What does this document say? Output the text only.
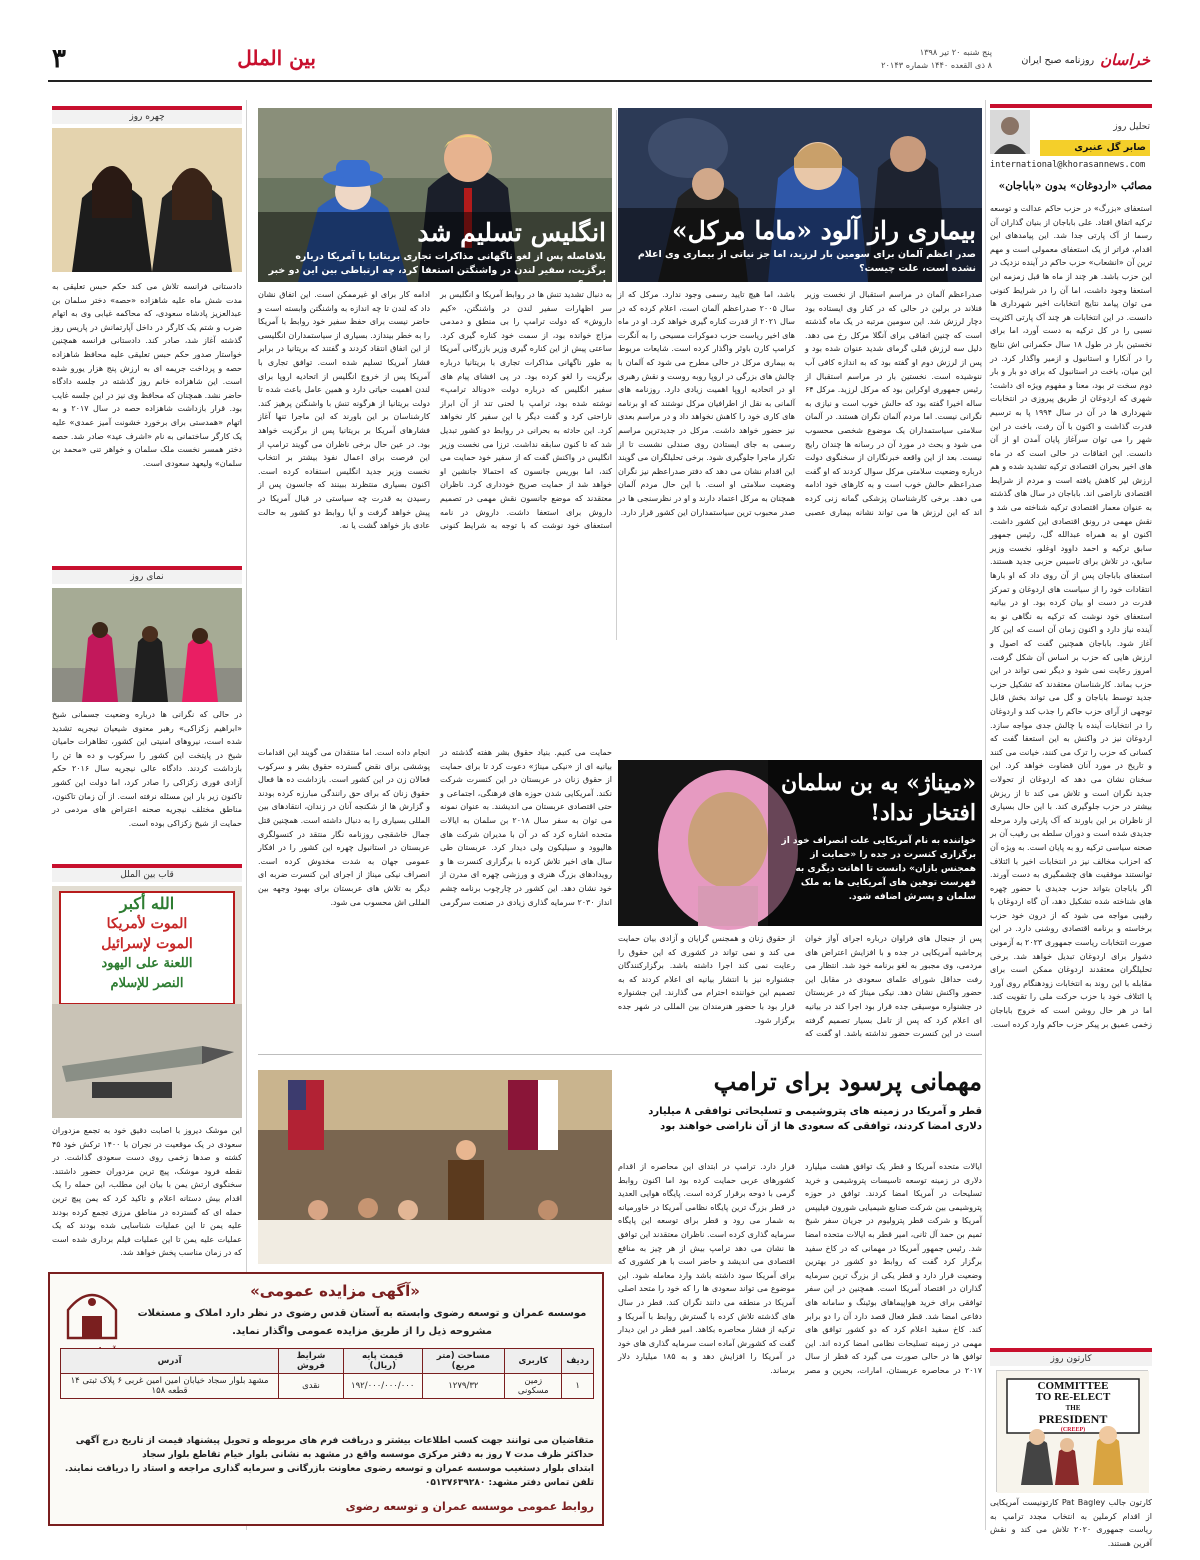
۳	بین الملل	پنج شنبه ۲۰ تیر ۱۳۹۸
۸ ذی القعده ۱۴۴۰ شماره ۲۰۱۴۳	خراسان
روزنامه صبح ایران
تحلیل روز
صابر گل عنبری
international@khorasannews.com
مصائب «اردوغان» بدون «باباجان»
استعفای «بزرگ» در حزب حاکم عدالت و توسعه ترکیه اتفاق افتاد. علی باباجان از بنیان گذاران آن رسما از آک پارتی جدا شد. این پیامدهای این اقدام، فراتر از یک استعفای معمولی است و مهم ترین آن «انشعاب» حزب حاکم در آینده نزدیک در این حزب باشد. هر چند از ماه ها قبل زمزمه این استعفا وجود داشت، اما آن را در شرایط کنونی می توان پیامد نتایج انتخابات اخیر شهرداری ها دانست. در این انتخابات هر چند آک پارتی اکثریت نسبی را در کل ترکیه به دست آورد، اما برای نخستین بار در طول ۱۸ سال حکمرانی اش نتایج را در آنکارا و استانبول و ازمیر واگذار کرد. در این میان، باخت در استانبول که برای دو بار و بار دوم سخت تر بود، معنا و مفهوم ویژه ای داشت؛ شهری که اردوغان از طریق پیروزی در انتخابات شهرداری ها در آن در سال ۱۹۹۴ پا به ترسیم قدرت گذاشت و اکنون با آن رفت، باخت در این شهر را می توان سرآغاز پایان آمدن او از آن دانست. این اتفاقات در حالی است که در ماه های اخیر بحران اقتصادی ترکیه تشدید شده و هم ارزش لیر کاهش یافته است و مردم از شرایط اقتصادی ناراضی اند. باباجان در سال های گذشته به عنوان معمار اقتصادی ترکیه شناخته می شد و نقش مهمی در رونق اقتصادی این کشور داشت. اکنون او به همراه عبدالله گل، رئیس جمهور سابق ترکیه و احمد داوود اوغلو، نخست وزیر سابق، در تلاش برای تاسیس حزبی جدید هستند. استعفای باباجان پس از آن روی داد که او بارها انتقادات خود را از سیاست های اردوغان و تمرکز قدرت در دست او بیان کرده بود. او در بیانیه استعفای خود نوشت که ترکیه به نگاهی نو به آینده نیاز دارد و اکنون زمان آن است که این کار آغاز شود. باباجان همچنین گفت که اصول و ارزش هایی که حزب بر اساس آن شکل گرفت، امروز رعایت نمی شود و دیگر نمی تواند در این حزب بماند. کارشناسان معتقدند که تشکیل حزب جدید توسط باباجان و گل می تواند بخش قابل توجهی از آرای حزب حاکم را جذب کند و اردوغان را در انتخابات آینده با چالش جدی مواجه سازد. اردوغان نیز در واکنش به این استعفا گفت که کسانی که حزب را ترک می کنند، خیانت می کنند و تاریخ در مورد آنان قضاوت خواهد کرد. این سخنان نشان می دهد که اردوغان از تحولات جدید نگران است و تلاش می کند تا از ریزش بیشتر در حزب جلوگیری کند. با این حال بسیاری از ناظران بر این باورند که آک پارتی وارد مرحله جدیدی شده است و دوران سلطه بی رقیب آن بر صحنه سیاسی ترکیه رو به پایان است. به ویژه آن که احزاب مخالف نیز در انتخابات اخیر با ائتلاف توانستند موفقیت های چشمگیری به دست آورند. اگر باباجان بتواند حزب جدیدی با حضور چهره های شناخته شده تشکیل دهد، آن گاه اردوغان با رقیبی مواجه می شود که از درون خود حزب برخاسته و برنامه اقتصادی روشنی دارد. در این صورت انتخابات ریاست جمهوری ۲۰۲۳ به آزمونی دشوار برای اردوغان تبدیل خواهد شد. برخی تحلیلگران معتقدند اردوغان ممکن است برای مقابله با این روند به انتخابات زودهنگام روی آورد یا ائتلاف خود با حزب حرکت ملی را تقویت کند. اما در هر حال روشن است که خروج باباجان زخمی عمیق بر پیکر حزب حاکم وارد کرده است.
کارتون روز
COMMITTEE
TO RE-ELECT
THE
PRESIDENT
(CREEP)
کارتون جالب Pat Bagley کارتونیست آمریکایی از اقدام کرملین به انتخاب مجدد ترامپ به ریاست جمهوری ۲۰۲۰ تلاش می کند و نقش آفرین هستند.
بیماری راز آلود «ماما مرکل»
صدر اعظم آلمان برای سومین بار لرزید، اما جز نیاتی از بیماری وی اعلام نشده است، علت چیست؟
صدراعظم آلمان در مراسم استقبال از نخست وزیر فنلاند در برلین در حالی که در کنار وی ایستاده بود دچار لرزش شد. این سومین مرتبه در یک ماه گذشته است که چنین اتفاقی برای آنگلا مرکل رخ می دهد. دلیل سه لرزش قبلی گرمای شدید عنوان شده بود و پس از لرزش دوم او گفته بود که به اندازه کافی آب ننوشیده است. نخستین بار در مراسم استقبال از رئیس جمهوری اوکراین بود که مرکل لرزید. مرکل ۶۴ ساله اخیرا گفته بود که حالش خوب است و نیازی به نگرانی نیست. اما مردم آلمان نگران هستند. در آلمان سلامتی سیاستمداران یک موضوع شخصی محسوب می شود و بحث در مورد آن در رسانه ها چندان رایج نیست. بعد از این واقعه خبرنگاران از سخنگوی دولت درباره وضعیت سلامتی مرکل سوال کردند که او گفت صدراعظم حالش خوب است و به کارهای خود ادامه می دهد. برخی کارشناسان پزشکی گمانه زنی کرده اند که این لرزش ها می تواند نشانه بیماری عصبی باشد، اما هیچ تایید رسمی وجود ندارد. مرکل که از سال ۲۰۰۵ صدراعظم آلمان است، اعلام کرده که در سال ۲۰۲۱ از قدرت کناره گیری خواهد کرد. او در ماه های اخیر ریاست حزب دموکرات مسیحی را به آنگرت کرامپ کارن باوئر واگذار کرده است. شایعات مربوط به بیماری مرکل در حالی مطرح می شود که آلمان با چالش های بزرگی در اروپا روبه روست و نقش رهبری او در اتحادیه اروپا اهمیت زیادی دارد. روزنامه های آلمانی به نقل از اطرافیان مرکل نوشتند که او برنامه های کاری خود را کاهش نخواهد داد و در مراسم بعدی نیز حضور خواهد داشت. مرکل در جدیدترین مراسم رسمی به جای ایستادن روی صندلی نشست تا از تکرار ماجرا جلوگیری شود. برخی تحلیلگران می گویند این اقدام نشان می دهد که دفتر صدراعظم نیز نگران وضعیت سلامتی او است. با این حال مردم آلمان همچنان به مرکل اعتماد دارند و او در نظرسنجی ها در صدر محبوب ترین سیاستمداران این کشور قرار دارد.
انگلیس تسلیم شد
بلافاصله پس از لغو ناگهانی مذاکرات تجاری بریتانیا با آمریکا درباره برگزیت، سفیر لندن در واشنگتن استعفا کرد، چه ارتباطی بین این دو خبر است؟
به دنبال تشدید تنش ها در روابط آمریکا و انگلیس بر سر اظهارات سفیر لندن در واشنگتن، «کیم داروش» که دولت ترامپ را بی منطق و دمدمی مزاج خوانده بود، از سمت خود کناره گیری کرد. ساعتی پیش از این کناره گیری وزیر بازرگانی آمریکا به طور ناگهانی مذاکرات تجاری با بریتانیا درباره برگزیت را لغو کرده بود. در پی افشای پیام های سفیر انگلیس که درباره دولت «دونالد ترامپ» نوشته شده بود، ترامپ با لحنی تند از آن ابراز ناراحتی کرد و گفت دیگر با این سفیر کار نخواهد کرد. این حادثه به بحرانی در روابط دو کشور تبدیل شد که تا کنون سابقه نداشت. ترزا می نخست وزیر انگلیس در واکنش گفت که از سفیر خود حمایت می کند، اما بوریس جانسون که احتمالا جانشین او خواهد شد از حمایت صریح خودداری کرد. ناظران معتقدند که موضع جانسون نقش مهمی در تصمیم داروش برای استعفا داشت. داروش در نامه استعفای خود نوشت که با توجه به شرایط کنونی ادامه کار برای او غیرممکن است. این اتفاق نشان داد که لندن تا چه اندازه به واشنگتن وابسته است و حاضر نیست برای حفظ سفیر خود روابط با آمریکا را به خطر بیندازد. بسیاری از سیاستمداران انگلیسی از این اتفاق انتقاد کردند و گفتند که بریتانیا در برابر فشار آمریکا تسلیم شده است. توافق تجاری با آمریکا پس از خروج انگلیس از اتحادیه اروپا برای لندن اهمیت حیاتی دارد و همین عامل باعث شده تا دولت بریتانیا از هرگونه تنش با واشنگتن پرهیز کند. کارشناسان بر این باورند که این ماجرا تنها آغاز فشارهای آمریکا بر بریتانیا پس از برگزیت خواهد بود. در عین حال برخی ناظران می گویند ترامپ از این فرصت برای اعمال نفوذ بیشتر بر انتخاب نخست وزیر جدید انگلیس استفاده کرده است. اکنون بسیاری منتظرند ببینند که جانسون پس از رسیدن به قدرت چه سیاستی در قبال آمریکا در پیش خواهد گرفت و آیا روابط دو کشور به حالت عادی باز خواهد گشت یا نه.
حمایت می کنیم. بنیاد حقوق بشر هفته گذشته در بیانیه ای از «نیکی میناژ» دعوت کرد تا برای حمایت از حقوق زنان در عربستان در این کنسرت شرکت نکند. آمریکایی شدن حوزه های فرهنگی، اجتماعی و حتی اقتصادی عربستان می اندیشند. به عنوان نمونه می توان به سفر سال ۲۰۱۸ بن سلمان به ایالات متحده اشاره کرد که در آن با مدیران شرکت های هالیوود و سیلیکون ولی دیدار کرد. عربستان طی سال های اخیر تلاش کرده با برگزاری کنسرت ها و رویدادهای بزرگ هنری و ورزشی چهره ای مدرن از خود نشان دهد. این کشور در چارچوب برنامه چشم انداز ۲۰۳۰ سرمایه گذاری زیادی در صنعت سرگرمی انجام داده است. اما منتقدان می گویند این اقدامات پوششی برای نقض گسترده حقوق بشر و سرکوب فعالان زن در این کشور است. بازداشت ده ها فعال حقوق زنان که برای حق رانندگی مبارزه کرده بودند و گزارش ها از شکنجه آنان در زندان، انتقادهای بین المللی بسیاری را به دنبال داشته است. همچنین قتل جمال خاشقجی روزنامه نگار منتقد در کنسولگری عربستان در استانبول چهره این کشور را در افکار عمومی جهان به شدت مخدوش کرده است. انصراف نیکی میناژ از اجرای این کنسرت ضربه ای دیگر به تلاش های عربستان برای بهبود وجهه بین المللی اش محسوب می شود.
«میناژ» به بن سلمان افتخار نداد!
خواننده به نام آمریکایی علت انصراف خود از برگزاری کنسرت در جده را «حمایت از همجنس بازان» دانست تا اهانت دیگری به فهرست توهین های آمریکایی ها به ملک سلمان و پسرش اضافه شود.
پس از جنجال های فراوان درباره اجرای آواز خوان پرحاشیه آمریکایی در جده و با افزایش اعتراض های مردمی، وی مجبور به لغو برنامه خود شد. انتظار می رفت حداقل شورای علمای سعودی در مقابل این حضور واکنش نشان دهد. نیکی میناژ که در عربستان در جشنواره موسیقی جده قرار بود اجرا کند در بیانیه ای اعلام کرد که پس از تامل بسیار تصمیم گرفته است در این کنسرت حضور نداشته باشد. او گفت که از حقوق زنان و همجنس گرایان و آزادی بیان حمایت می کند و نمی تواند در کشوری که این حقوق را رعایت نمی کند اجرا داشته باشد. برگزارکنندگان جشنواره نیز با انتشار بیانیه ای اعلام کردند که به تصمیم این خواننده احترام می گذارند. این جشنواره قرار بود با حضور هنرمندان بین المللی در شهر جده برگزار شود.
مهمانی پرسود برای ترامپ
قطر و آمریکا در زمینه های پتروشیمی و تسلیحاتی توافقی ۸ میلیارد دلاری امضا کردند، توافقی که سعودی ها از آن ناراضی خواهند بود
ایالات متحده آمریکا و قطر یک توافق هشت میلیارد دلاری در زمینه توسعه تاسیسات پتروشیمی و خرید تسلیحات در آمریکا امضا کردند. توافق در حوزه پتروشیمی بین شرکت صنایع شیمیایی شورون فیلیپس آمریکا و شرکت قطر پترولیوم در جریان سفر شیخ تمیم بن حمد آل ثانی، امیر قطر به ایالات متحده امضا شد. رئیس جمهور آمریکا در مهمانی که در کاخ سفید برگزار کرد گفت که روابط دو کشور در بهترین وضعیت قرار دارد و قطر یکی از بزرگ ترین سرمایه گذاران در اقتصاد آمریکا است. همچنین در این سفر توافقی برای خرید هواپیماهای بوئینگ و سامانه های دفاعی امضا شد. قطر فعال قصد دارد آن را دو برابر کند. کاخ سفید اعلام کرد که دو کشور توافق های مهمی در زمینه تسلیحات نظامی امضا کرده اند. این توافق ها در حالی صورت می گیرد که قطر از سال ۲۰۱۷ در محاصره عربستان، امارات، بحرین و مصر قرار دارد. ترامپ در ابتدای این محاصره از اقدام کشورهای عربی حمایت کرده بود اما اکنون روابط گرمی با دوحه برقرار کرده است. پایگاه هوایی العدید در قطر بزرگ ترین پایگاه نظامی آمریکا در خاورمیانه به شمار می رود و قطر برای توسعه این پایگاه سرمایه گذاری کرده است. ناظران معتقدند این توافق ها نشان می دهد ترامپ بیش از هر چیز به منافع اقتصادی می اندیشد و حاضر است با هر کشوری که برای آمریکا سود داشته باشد وارد معامله شود. این موضوع می تواند سعودی ها را که خود را متحد اصلی آمریکا در منطقه می دانند نگران کند. قطر در سال های گذشته تلاش کرده با گسترش روابط با آمریکا و ترکیه از فشار محاصره بکاهد. امیر قطر در این دیدار گفت که کشورش آماده است سرمایه گذاری های خود در آمریکا را افزایش دهد و به ۱۸۵ میلیارد دلار برساند.
«آگهی مزایده عمومی»
موسسه عمران و توسعه رضوی وابسته به آستان قدس رضوی در نظر دارد املاک و مستغلات
مشروحه ذیل را از طریق مزایده عمومی واگذار نماید.
ردیف	کاربری	مساحت (متر مربع)	قیمت پایه (ریال)	شرایط فروش	آدرس
۱	زمین مسکونی	۱۲۷۹/۳۲	۱۹۲/۰۰۰/۰۰۰/۰۰۰	نقدی	مشهد بلوار سجاد خیابان امین امین غربی ۶ پلاک ثبتی ۱۴ قطعه ۱۵۸
متقاضیان می توانند جهت کسب اطلاعات بیشتر و دریافت فرم های مربوطه و تحویل پیشنهاد قیمت از تاریخ درج آگهی
حداکثر ظرف مدت ۷ روز به دفتر مرکزی موسسه واقع در مشهد به نشانی بلوار خیام تقاطع بلوار سجاد
ابتدای بلوار دستغیب موسسه عمران و توسعه رضوی معاونت بازرگانی و سرمایه گذاری مراجعه و استاد را دریافت نمایند.
تلفن تماس دفتر مشهد: ۰۵۱۳۷۶۳۹۲۸۰
روابط عمومی موسسه عمران و توسعه رضوی
چهره روز
دادستانی فرانسه تلاش می کند حکم حبس تعلیقی به مدت شش ماه علیه شاهزاده «حصه» دختر سلمان بن عبدالعزیز پادشاه سعودی، که محاکمه غیابی وی به اتهام ضرب و شتم یک کارگر در داخل آپارتمانش در پاریس روز گذشته آغاز شد، صادر کند. دادستانی فرانسه همچنین خواستار صدور حکم حبس تعلیقی علیه محافظ شاهزاده حصه و پرداخت جریمه ای به ارزش پنج هزار یورو شده است. این شاهزاده خانم روز گذشته در جلسه دادگاه حاضر نشد. همچنان که محافظ وی نیز در این جلسه غایب بود. قرار بازداشت شاهزاده حصه در سال ۲۰۱۷ و به اتهام «همدستی برای برخورد خشونت آمیز عمدی» علیه یک کارگر ساختمانی به نام «اشرف عید» صادر شد. حصه دختر همسر نخست ملک سلمان و خواهر تنی «محمد بن سلمان» ولیعهد سعودی است.
نمای روز
در حالی که نگرانی ها درباره وضعیت جسمانی شیخ «ابراهیم زکزاکی» رهبر معنوی شیعیان نیجریه تشدید شده است، نیروهای امنیتی این کشور، تظاهرات حامیان شیخ در پایتخت این کشور را سرکوب و ده ها تن را بازداشت کردند. دادگاه عالی نیجریه سال ۲۰۱۶ حکم آزادی فوری زکزاکی را صادر کرد، اما دولت این کشور تاکنون زیر بار این مسئله نرفته است. از آن زمان تاکنون، مناطق مختلف نیجریه صحنه اعتراض های مردمی در حمایت از شیخ زکزاکی بوده است.
قاب بین الملل
الله أكبر
الموت لأمريكا
الموت لإسرائيل
اللعنة على اليهود
النصر للإسلام
این موشک دیروز با اصابت دقیق خود به تجمع مزدوران سعودی در یک موقعیت در نجران با ۱۴۰۰ ترکش خود ۴۵ کشته و صدها زخمی روی دست سعودی گذاشت. در نقطه فرود موشک، پیچ ترین مزدوران حضور داشتند. سخنگوی ارتش یمن با بیان این مطلب، این حمله را یک اقدام بیش دستانه اعلام و تاکید کرد که یمن پیچ ترین حمله ای که گسترده در مناطق مرزی تجمع کرده بودند علیه یمن تا این عملیات شناسایی شده بودند که یک عملیات علیه یمن تا این عملیات فیلم برداری شده است که در زمان مناسب پخش خواهد شد.
